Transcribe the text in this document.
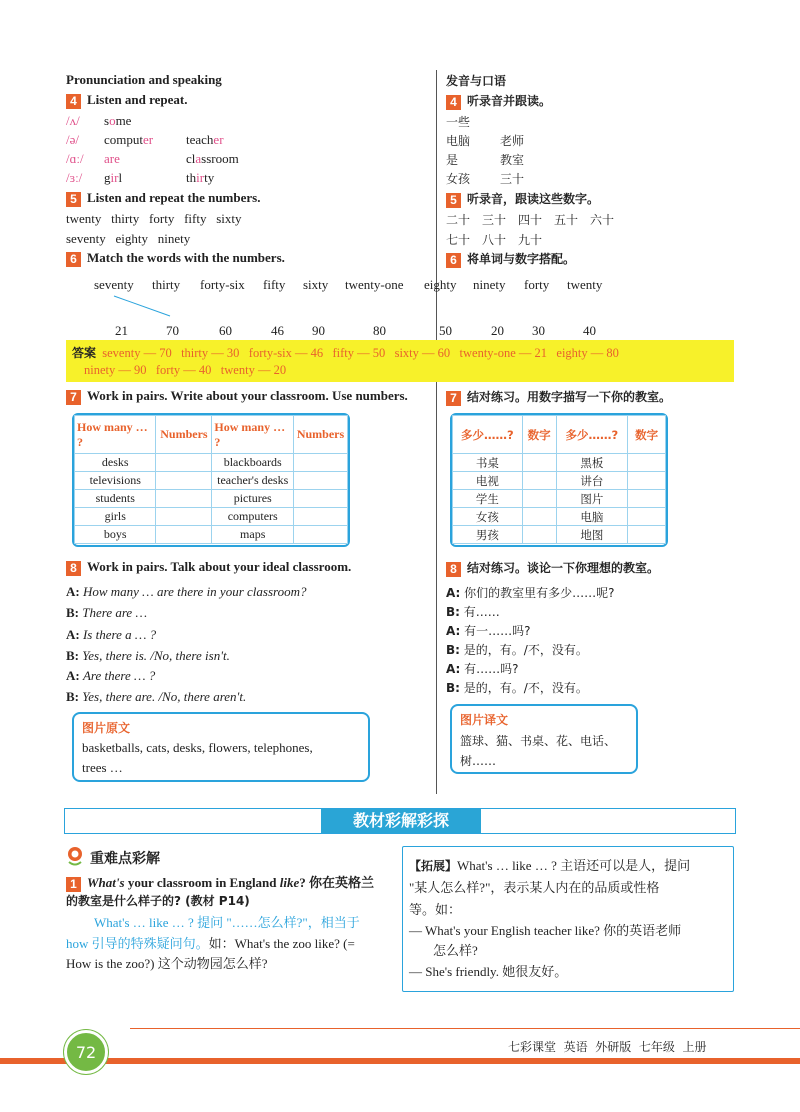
Pronunciation and speaking
4 Listen and repeat.
/ʌ/ some
/ə/ computer	teacher
/ɑː/ are	classroom
/ɜː/ girl	thirty
5 Listen and repeat the numbers.
twenty   thirty   forty   fifty   sixty
seventy   eighty   ninety
6 Match the words with the numbers.
发音与口语
4 听录音并跟读。
一些
电脑 老师
是	教室
女孩 三十
5 听录音，跟读这些数字。
二十　三十　四十　五十　六十
七十　八十　九十
6 将单词与数字搭配。
seventy thirty forty-six fifty sixty twenty-one eighty ninety forty twenty
21	70	60	46 90	80	50	20 30	40
答案 seventy — 70   thirty — 30   forty-six — 46   fifty — 50   sixty — 60   twenty-one — 21   eighty — 80
ninety — 90   forty — 40   twenty — 20
7 Work in pairs. Write about your classroom. Use numbers.	7 结对练习。用数字描写一下你的教室。
How many … ?	Numbers	How many … ?	Numbers
desks		blackboards	
televisions		teacher's desks	
students		pictures	
girls		computers	
boys		maps	
多少……?	数字	多少……?	数字
书桌		黑板	
电视		讲台	
学生		图片	
女孩		电脑	
男孩		地图	
8 Work in pairs. Talk about your ideal classroom.	8 结对练习。谈论一下你理想的教室。
A: How many … are there in your classroom?
B: There are …
A: Is there a … ?
B: Yes, there is. /No, there isn't.
A: Are there … ?
B: Yes, there are. /No, there aren't.
A: 你们的教室里有多少……呢?
B: 有……
A: 有一……吗?
B: 是的，有。/不，没有。
A: 有……吗?
B: 是的，有。/不，没有。
图片原文
basketballs, cats, desks, flowers, telephones,
trees …
图片译文
篮球、猫、书桌、花、电话、
树……
教材彩解彩探
重难点彩解
1 What's your classroom in England like? 你在英格兰
的教室是什么样子的? (教材 P14)
What's … like … ? 提问 "……怎么样?"，相当于
how 引导的特殊疑问句。如：What's the zoo like? (=
How is the zoo?) 这个动物园怎么样?
【拓展】What's … like … ? 主语还可以是人，提问
"某人怎么样?"，表示某人内在的品质或性格
等。如：
— What's your English teacher like? 你的英语老师
怎么样?
— She's friendly. 她很友好。
72	七彩课堂  英语  外研版  七年级  上册
